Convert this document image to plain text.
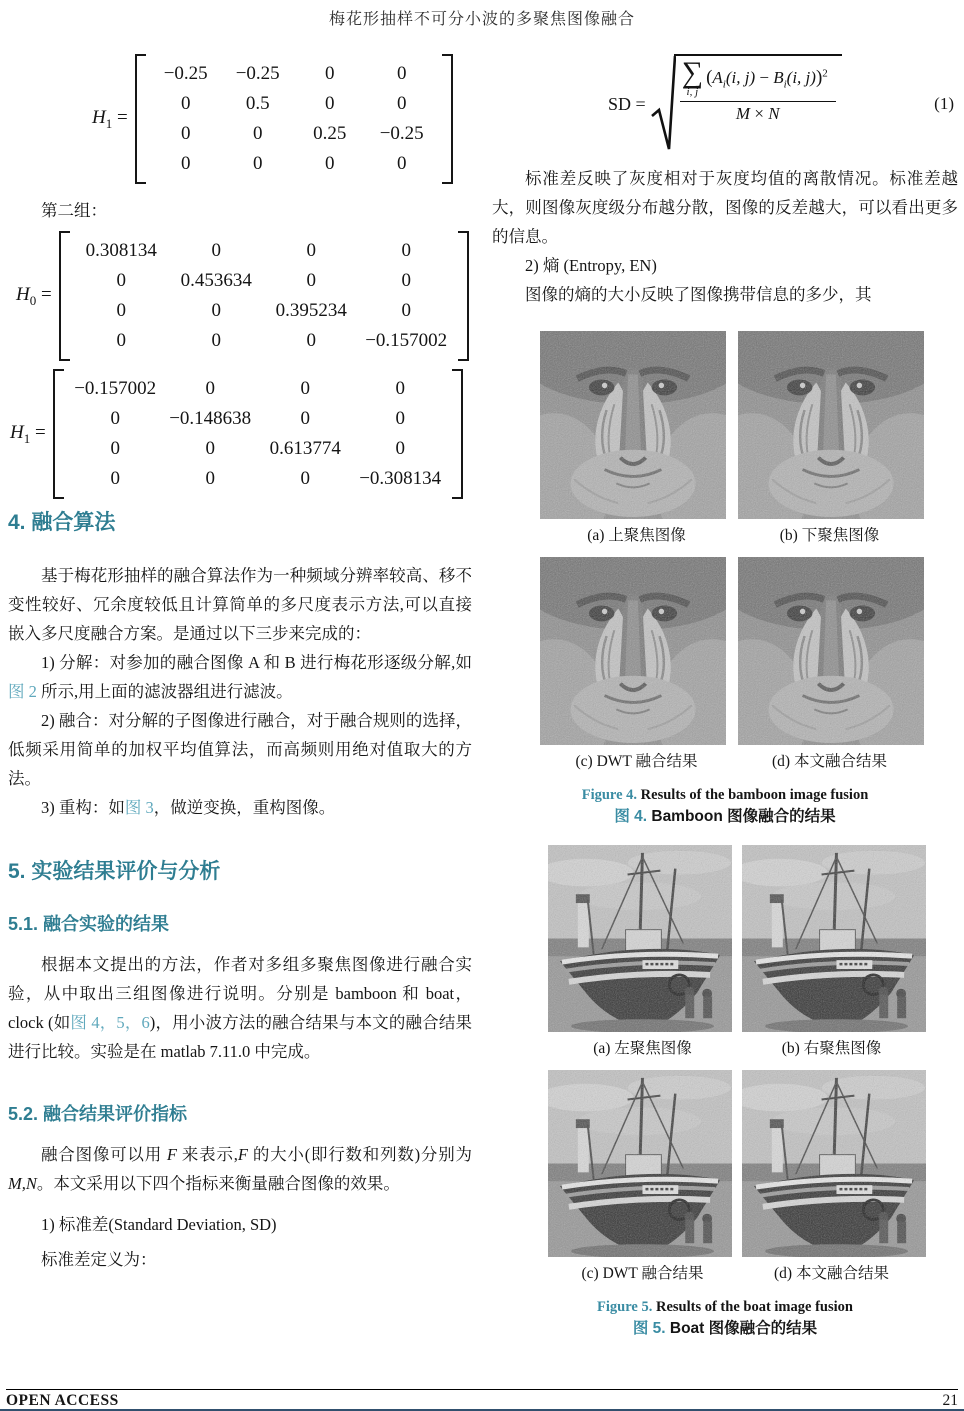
梅花形抽样不可分小波的多聚焦图像融合
$H_1$ =
−0.25	−0.25	0	0
0	0.5	0	0
0	0	0.25	−0.25
0	0	0	0

第二组：

$H_0$ =
0.308134	0	0	0
0	0.453634	0	0
0	0	0.395234	0
0	0	0	−0.157002
$H_1$ =
−0.157002	0	0	0
0	−0.148638	0	0
0	0	0.613774	0
0	0	0	−0.308134
4. 融合算法

基于梅花形抽样的融合算法作为一种频域分辨率较高、移不变性较好、冗余度较低且计算简单的多尺度表示方法,可以直接嵌入多尺度融合方案。是通过以下三步来完成的：

1) 分解：对参加的融合图像 A 和 B 进行梅花形逐级分解,如图 2 所示,用上面的滤波器组进行滤波。

2) 融合：对分解的子图像进行融合，对于融合规则的选择，低频采用简单的加权平均值算法，而高频则用绝对值取大的方法。

3) 重构：如图 3，做逆变换，重构图像。

5. 实验结果评价与分析
5.1. 融合实验的结果

根据本文提出的方法，作者对多组多聚焦图像进行融合实验，从中取出三组图像进行说明。分别是 bamboon 和 boat，clock (如图 4，5，6)，用小波方法的融合结果与本文的融合结果进行比较。实验是在 matlab 7.11.0 中完成。

5.2. 融合结果评价指标

融合图像可以用 F 来表示,F 的大小(即行数和列数)分别为 M,N。本文采用以下四个指标来衡量融合图像的效果。

1) 标准差(Standard Deviation, SD)

标准差定义为：

SD =
∑
i, j
($A_i(i$, $j) - B_i(i$, j))$^2$
M × N
(1)

标准差反映了灰度相对于灰度均值的离散情况。标准差越大，则图像灰度级分布越分散，图像的反差越大，可以看出更多的信息。

2) 熵 (Entropy, EN)

图像的熵的大小反映了图像携带信息的多少，其

(a) 上聚焦图像	(b) 下聚焦图像
(c) DWT 融合结果	(d) 本文融合结果
Figure 4. Results of the bamboon image fusion
图 4. Bamboon 图像融合的结果
(a) 左聚焦图像	(b) 右聚焦图像
(c) DWT 融合结果	(d) 本文融合结果
Figure 5. Results of the boat image fusion
图 5. Boat 图像融合的结果
OPEN ACCESS	21
